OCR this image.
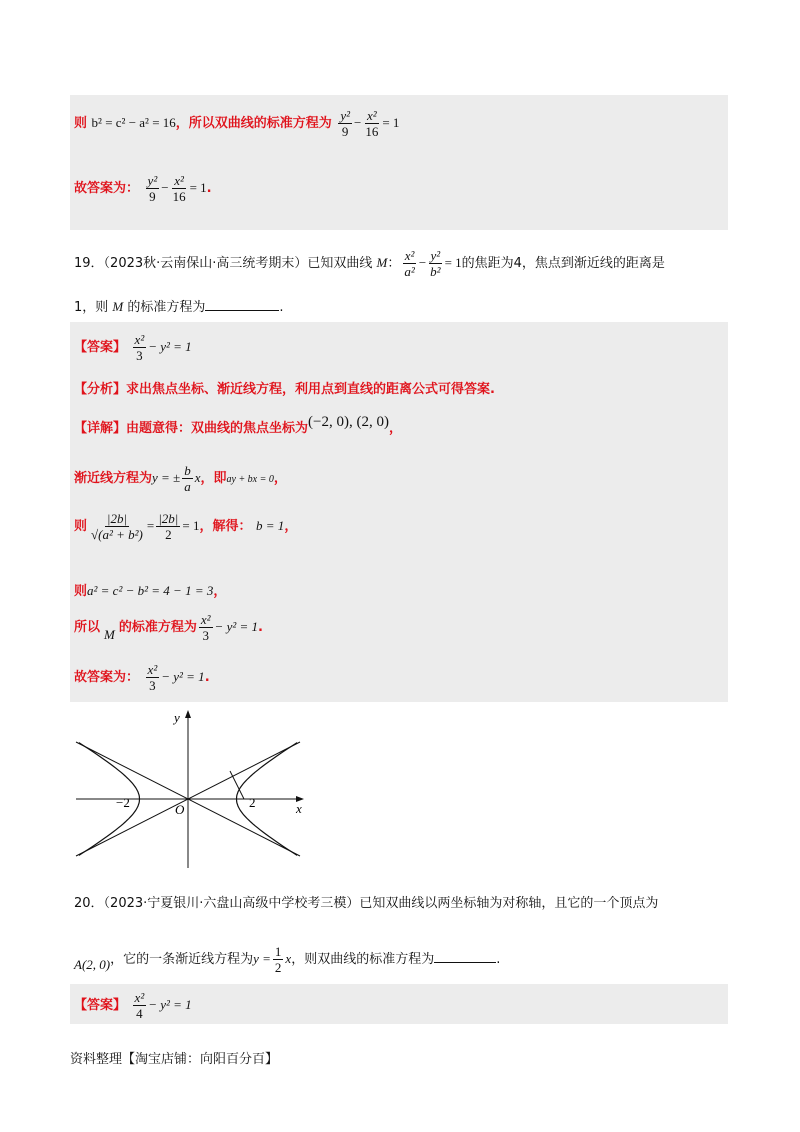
则 b² = c² − a² = 16，所以双曲线的标准方程为 $\frac{\text{y²}}{9} - \frac{\text{x²}}{16} = 1$
故答案为： $\frac{\text{y²}}{9} - \frac{\text{x²}}{16} = 1$.
19．（2023秋·云南保山·高三统考期末）已知双曲线 M： $\frac{\text{x²}}{\text{a²}} - \frac{\text{y²}}{\text{b²}} = 1$的焦距为4，焦点到渐近线的距离是
1，则 M 的标准方程为	.
【答案】 $\frac{\text{x²}}{3} - y^2 = 1$
【分析】求出焦点坐标、渐近线方程，利用点到直线的距离公式可得答案.
【详解】由题意得：双曲线的焦点坐标为(−2, 0), (2, 0)，
渐近线方程为y = ± $\frac{b}{a}$ x，即ay + bx = 0，
则 $\frac{|2b|}{\text{√(a² + b²)}} = \frac{|2b|}{2} = 1$，解得： b = 1，
则a² = c² − b² = 4 − 1 = 3，
所以 M 的标准方程为 $\frac{\text{x²}}{3} - y^2 = 1$.
故答案为： $\frac{\text{x²}}{3} - y^2 = 1$.
y
x
O
−2	2
20．（2023·宁夏银川·六盘山高级中学校考三模）已知双曲线以两坐标轴为对称轴，且它的一个顶点为
A(2, 0)，它的一条渐近线方程为$y = \frac{1}{2}$ x，则双曲线的标准方程为	.
【答案】 $\frac{\text{x²}}{4} - y^2 = 1$
资料整理【淘宝店铺：向阳百分百】
